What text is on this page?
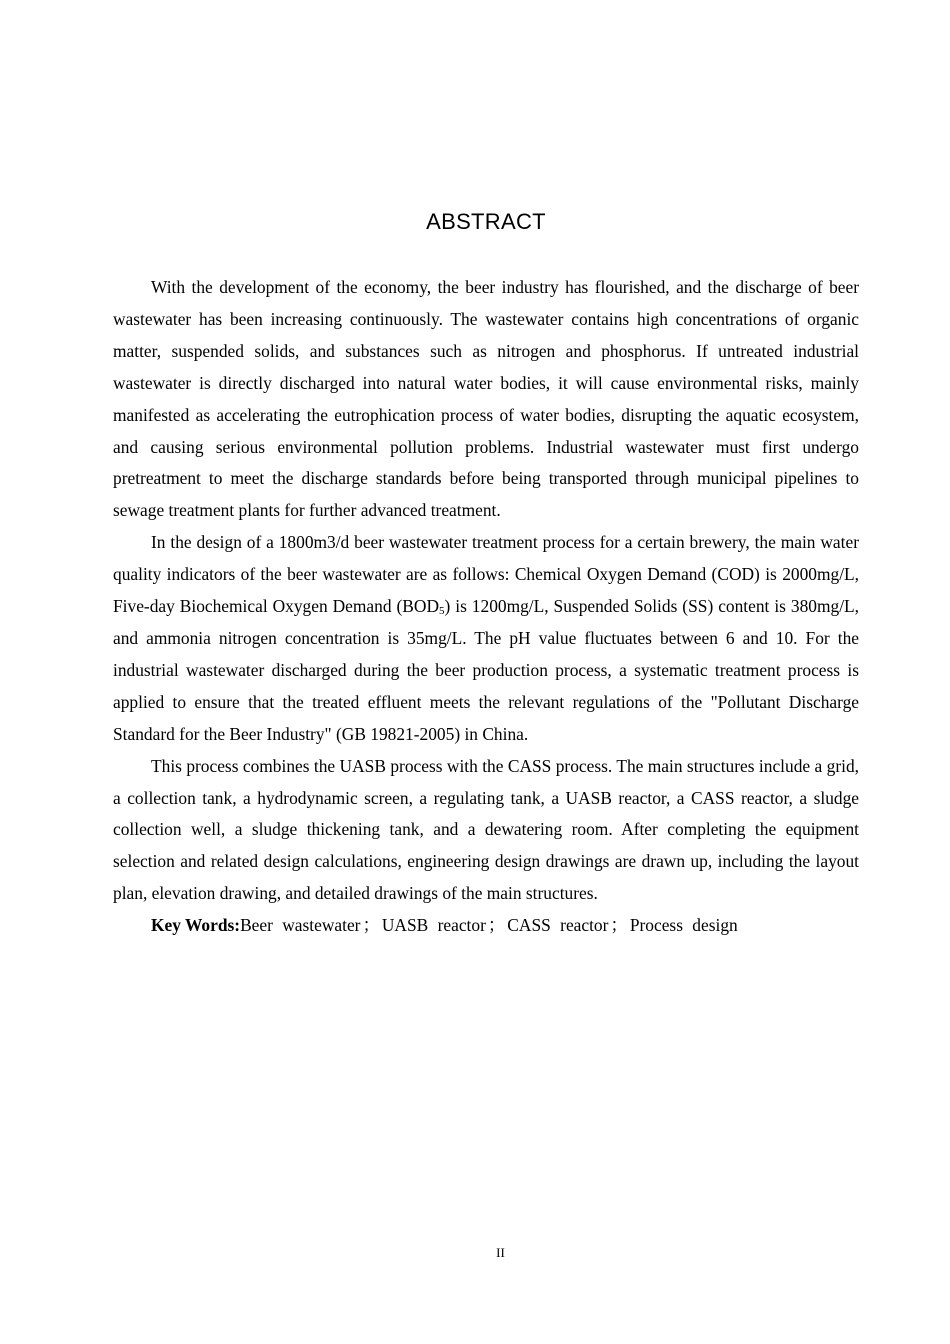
ABSTRACT

With the development of the economy, the beer industry has flourished, and the discharge of beer wastewater has been increasing continuously. The wastewater contains high concentrations of organic matter, suspended solids, and substances such as nitrogen and phosphorus. If untreated industrial wastewater is directly discharged into natural water bodies, it will cause environmental risks, mainly manifested as accelerating the eutrophication process of water bodies, disrupting the aquatic ecosystem, and causing serious environmental pollution problems. Industrial wastewater must first undergo pretreatment to meet the discharge standards before being transported through municipal pipelines to sewage treatment plants for further advanced treatment.

In the design of a 1800m3/d beer wastewater treatment process for a certain brewery, the main water quality indicators of the beer wastewater are as follows: Chemical Oxygen Demand (COD) is 2000mg/L, Five-day Biochemical Oxygen Demand (BOD5) is 1200mg/L, Suspended Solids (SS) content is 380mg/L, and ammonia nitrogen concentration is 35mg/L. The pH value fluctuates between 6 and 10. For the industrial wastewater discharged during the beer production process, a systematic treatment process is applied to ensure that the treated effluent meets the relevant regulations of the "Pollutant Discharge Standard for the Beer Industry" (GB 19821-2005) in China.

This process combines the UASB process with the CASS process. The main structures include a grid, a collection tank, a hydrodynamic screen, a regulating tank, a UASB reactor, a CASS reactor, a sludge collection well, a sludge thickening tank, and a dewatering room. After completing the equipment selection and related design calculations, engineering design drawings are drawn up, including the layout plan, elevation drawing, and detailed drawings of the main structures.

Key Words:Beer wastewater ； UASB reactor ； CASS reactor ； Process design

II
